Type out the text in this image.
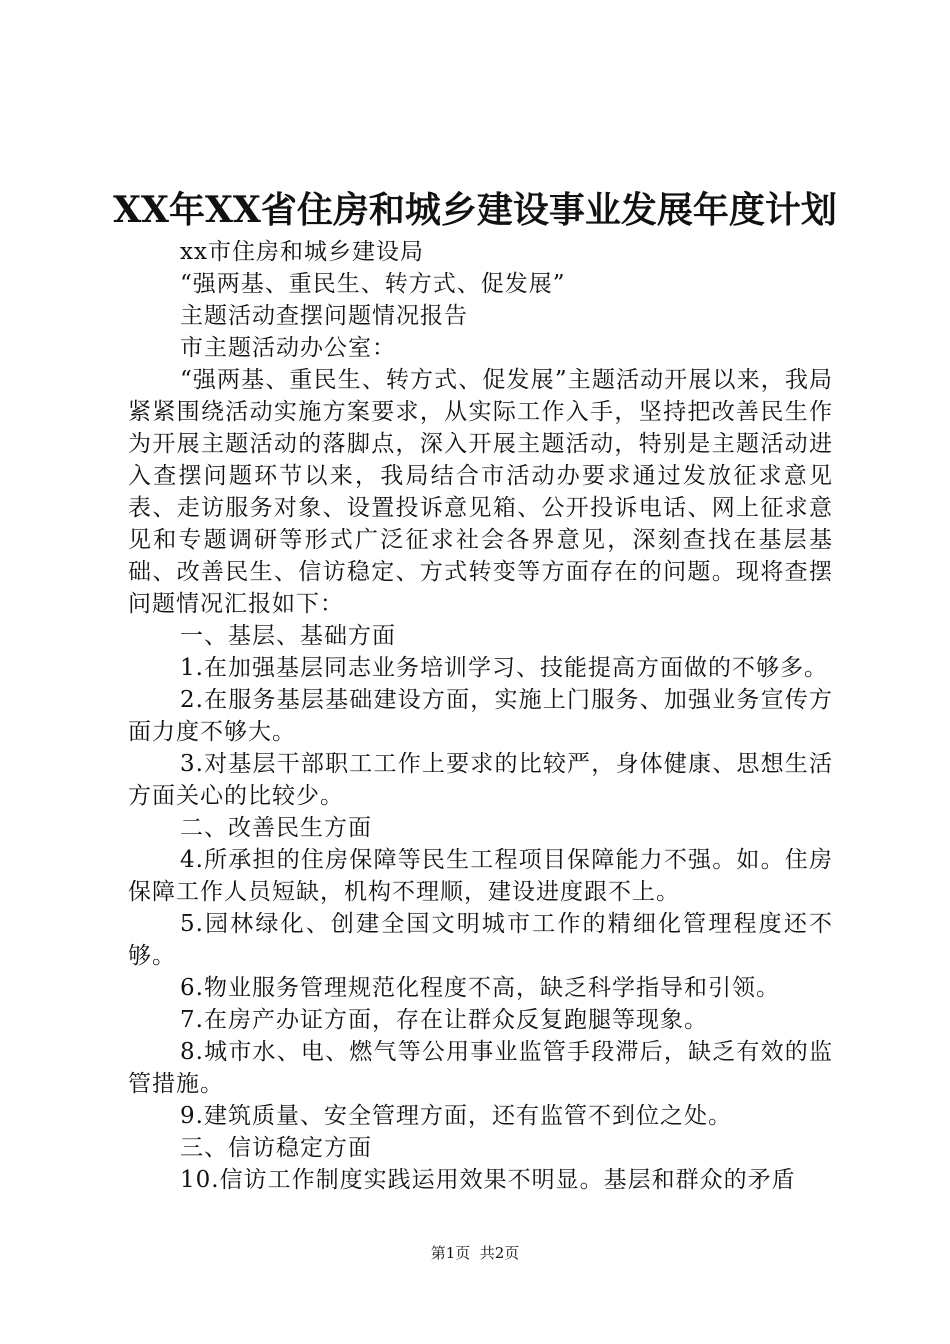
XX年XX省住房和城乡建设事业发展年度计划

xx市住房和城乡建设局

“强两基、重民生、转方式、促发展”

主题活动查摆问题情况报告

市主题活动办公室：

“强两基、重民生、转方式、促发展”主题活动开展以来，我局紧紧围绕活动实施方案要求，从实际工作入手，坚持把改善民生作为开展主题活动的落脚点，深入开展主题活动，特别是主题活动进入查摆问题环节以来，我局结合市活动办要求通过发放征求意见表、走访服务对象、设置投诉意见箱、公开投诉电话、网上征求意见和专题调研等形式广泛征求社会各界意见，深刻查找在基层基础、改善民生、信访稳定、方式转变等方面存在的问题。现将查摆问题情况汇报如下：

一、基层、基础方面

1.在加强基层同志业务培训学习、技能提高方面做的不够多。

2.在服务基层基础建设方面，实施上门服务、加强业务宣传方面力度不够大。

3.对基层干部职工工作上要求的比较严，身体健康、思想生活方面关心的比较少。

二、改善民生方面

4.所承担的住房保障等民生工程项目保障能力不强。如。住房保障工作人员短缺，机构不理顺，建设进度跟不上。

5.园林绿化、创建全国文明城市工作的精细化管理程度还不够。

6.物业服务管理规范化程度不高，缺乏科学指导和引领。

7.在房产办证方面，存在让群众反复跑腿等现象。

8.城市水、电、燃气等公用事业监管手段滞后，缺乏有效的监管措施。

9.建筑质量、安全管理方面，还有监管不到位之处。

三、信访稳定方面

10.信访工作制度实践运用效果不明显。基层和群众的矛盾

第1页  共2页
